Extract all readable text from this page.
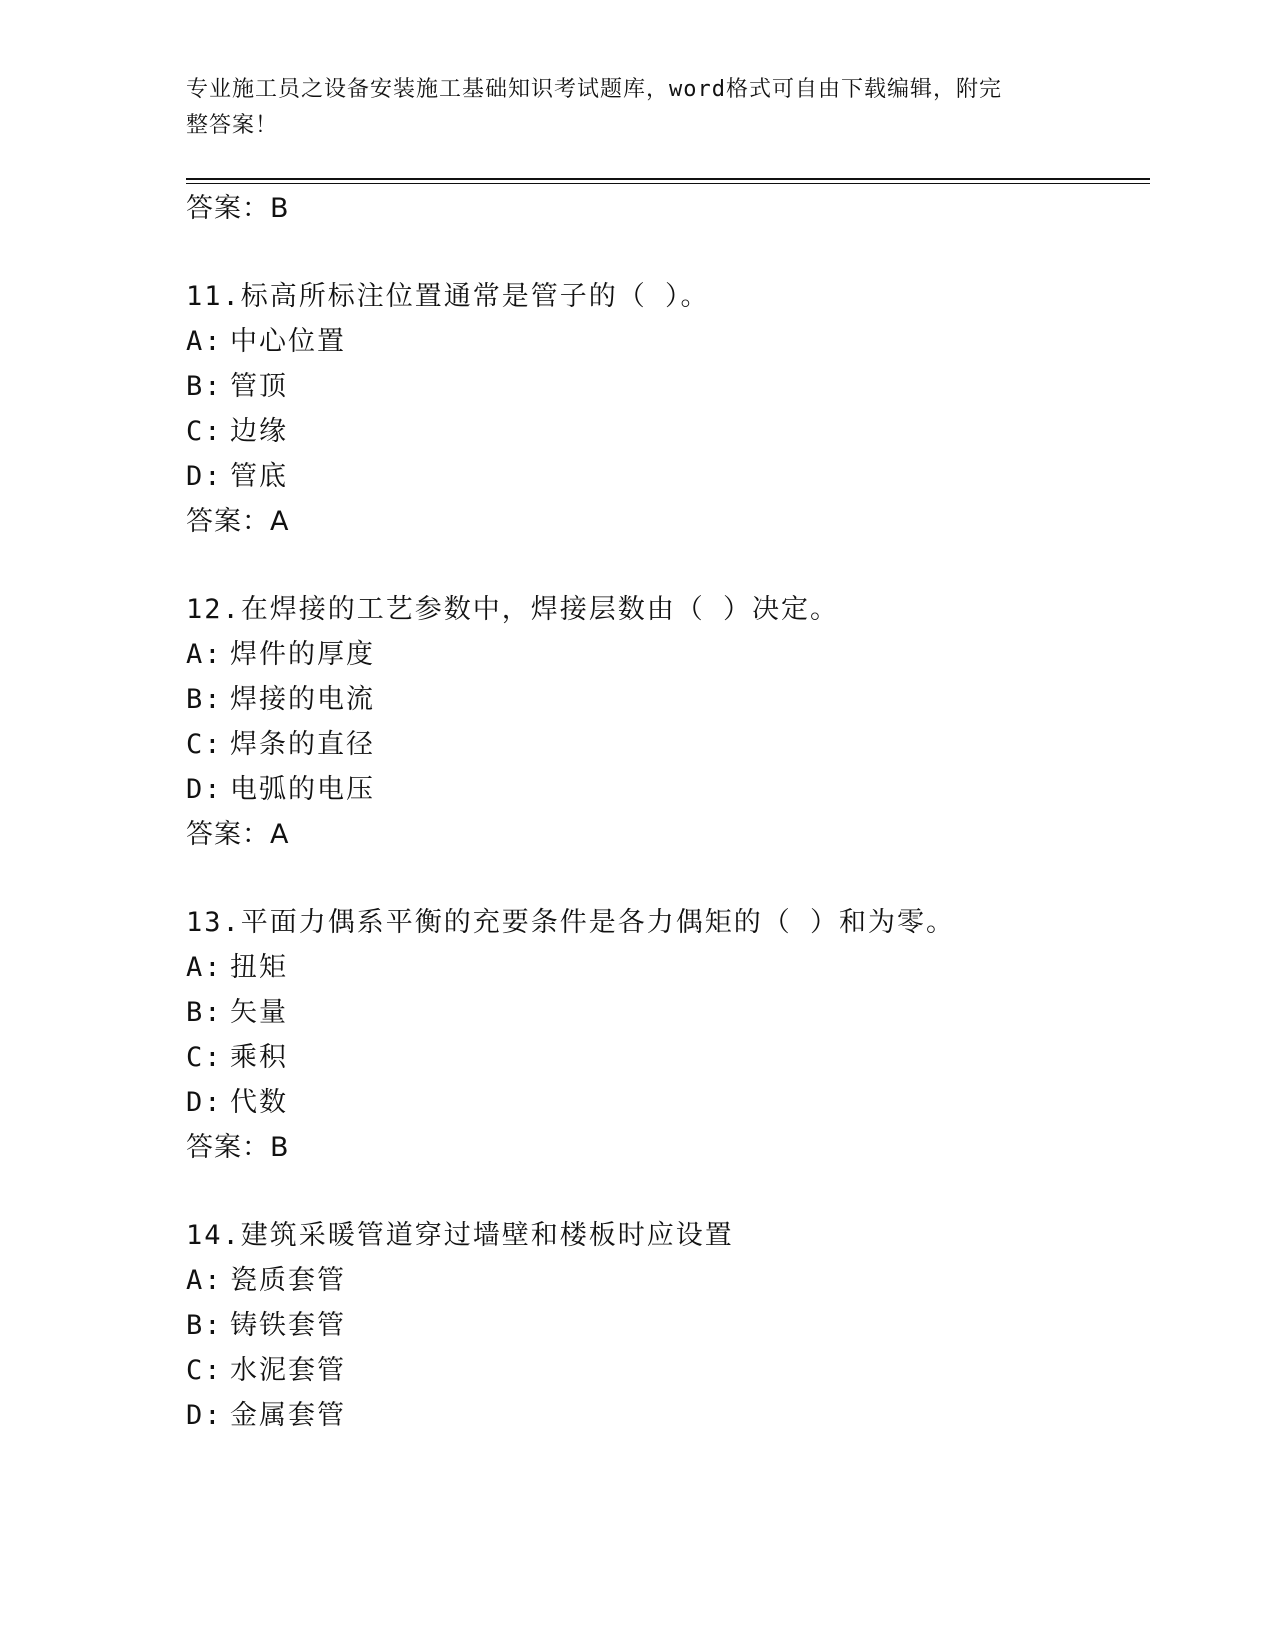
专业施工员之设备安装施工基础知识考试题库，word格式可自由下载编辑，附完
整答案！
答案：B
11.标高所标注位置通常是管子的（ ）。
A: 中心位置
B: 管顶
C: 边缘
D: 管底
答案：A
12.在焊接的工艺参数中，焊接层数由（ ）决定。
A: 焊件的厚度
B: 焊接的电流
C: 焊条的直径
D: 电弧的电压
答案：A
13.平面力偶系平衡的充要条件是各力偶矩的（ ）和为零。
A: 扭矩
B: 矢量
C: 乘积
D: 代数
答案：B
14.建筑采暖管道穿过墙壁和楼板时应设置
A: 瓷质套管
B: 铸铁套管
C: 水泥套管
D: 金属套管
